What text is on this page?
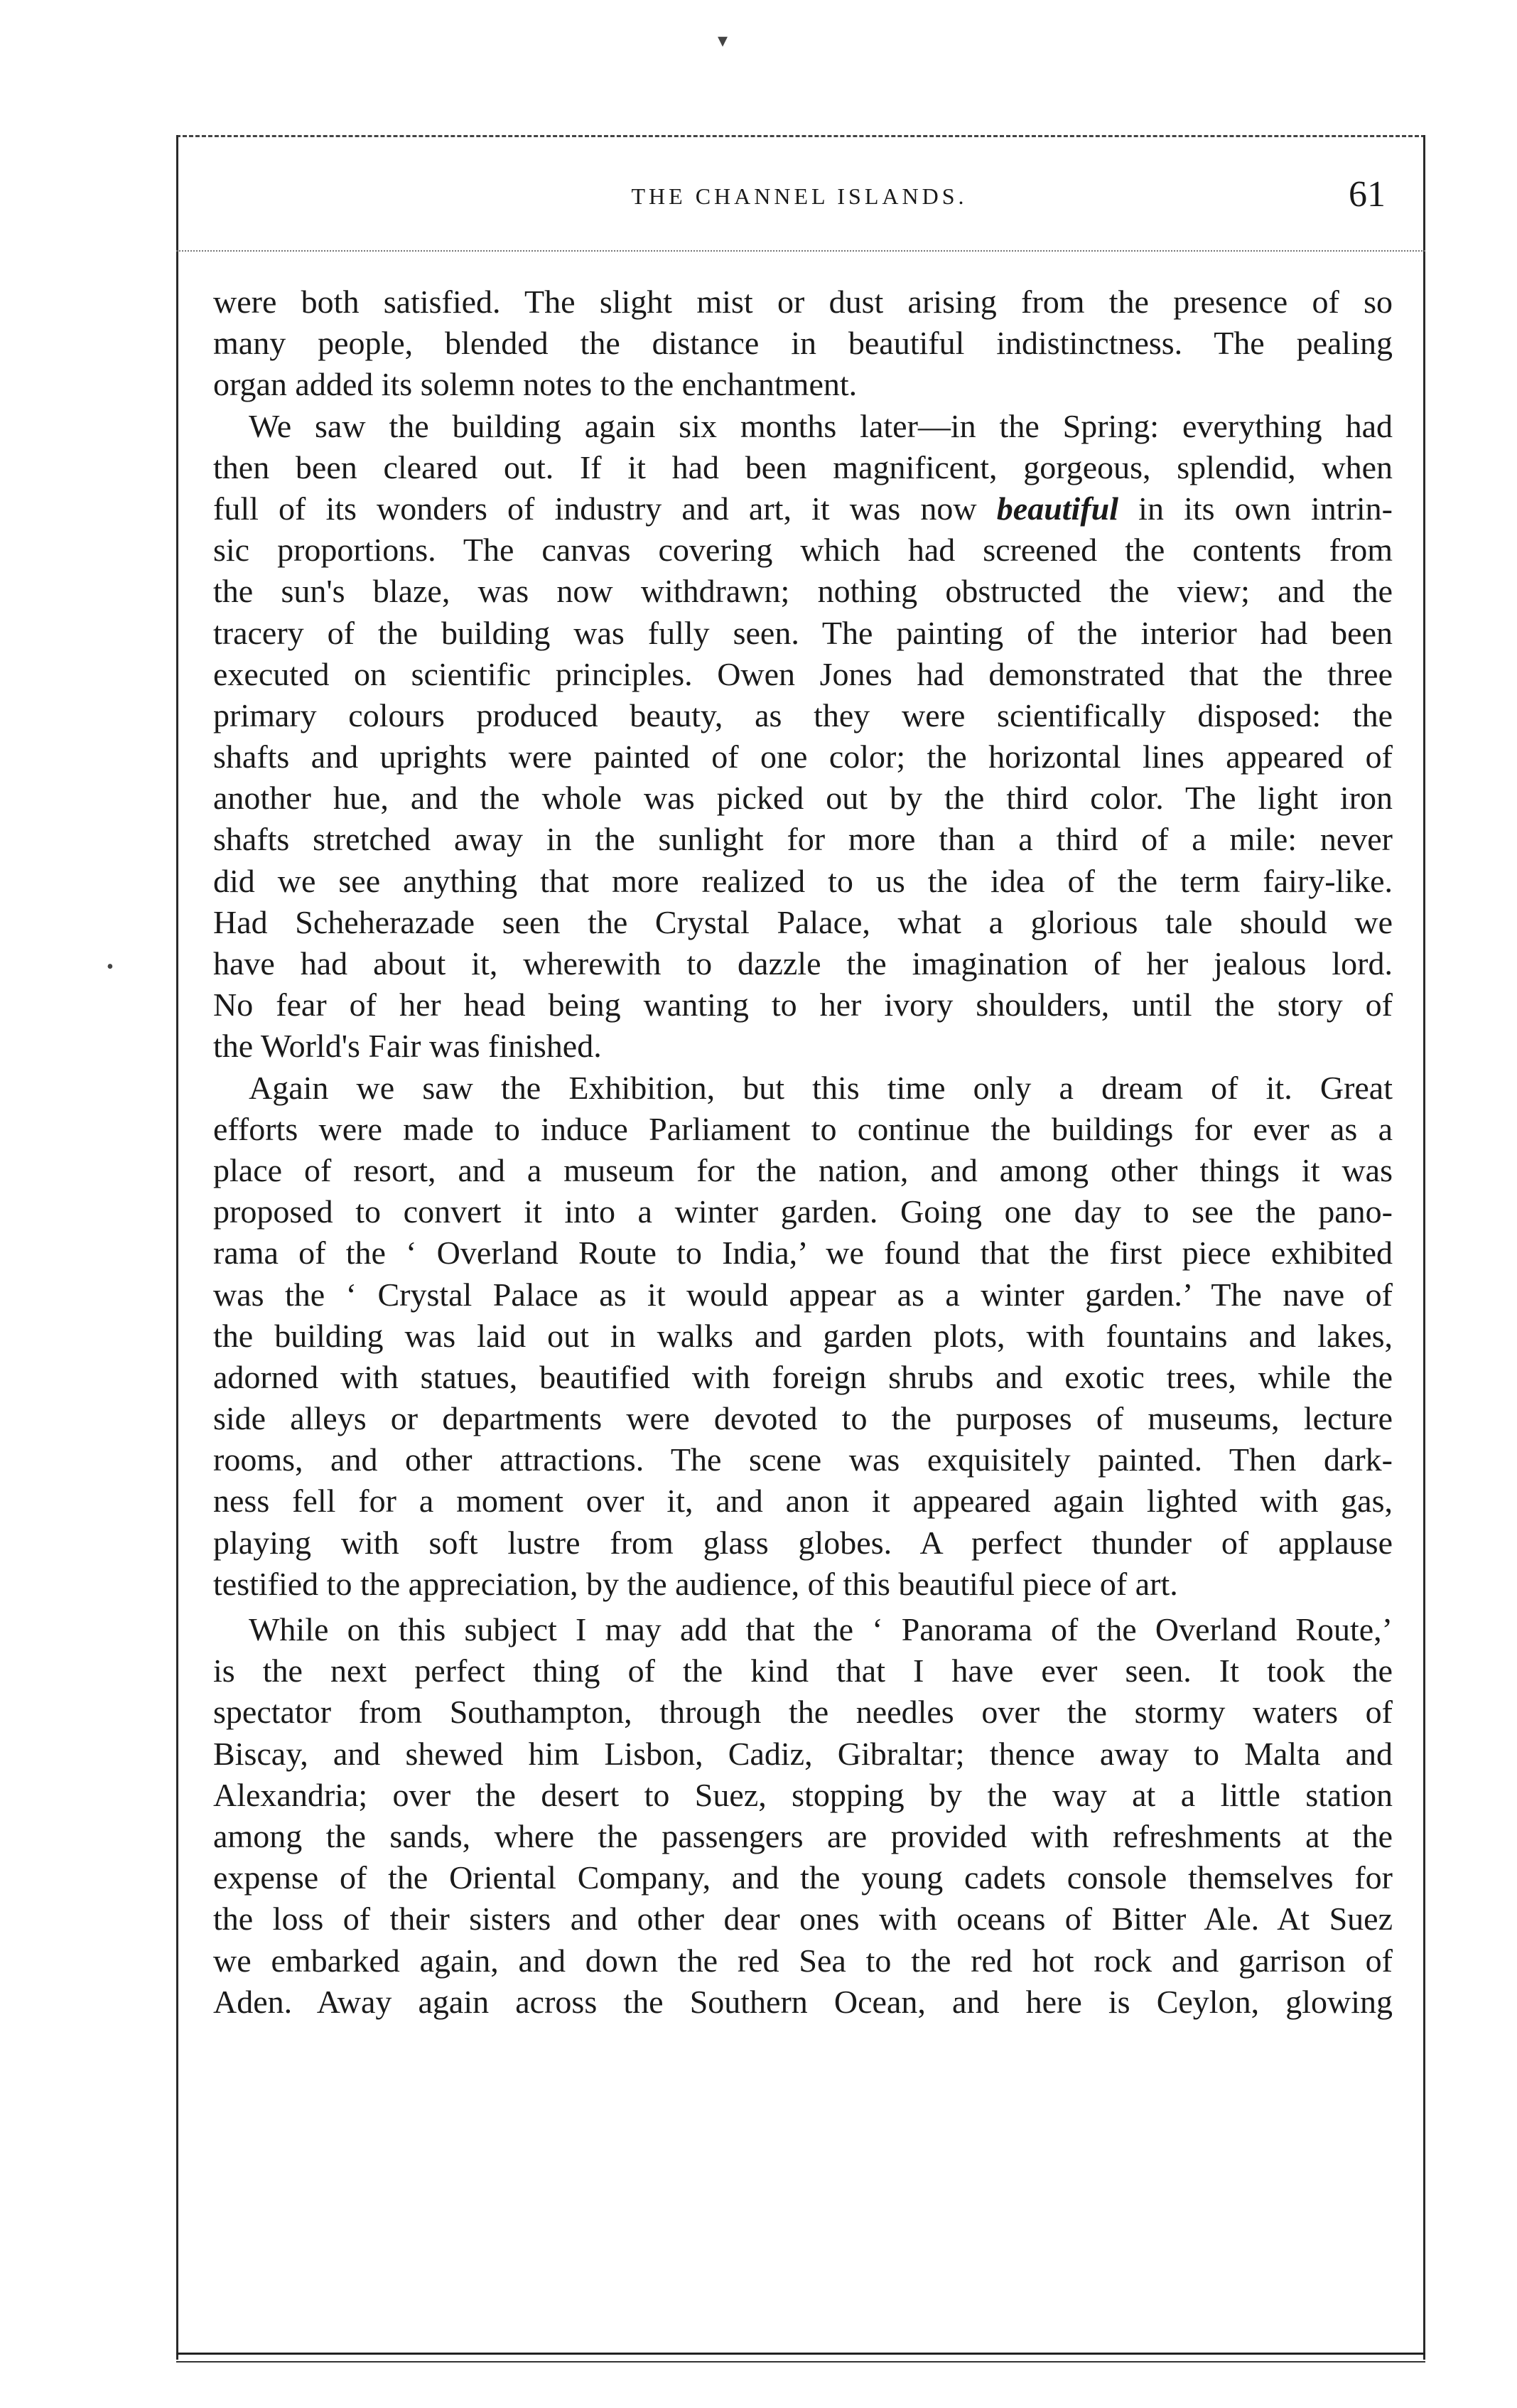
THE CHANNEL ISLANDS.	61
▾
•
were both satisfied. The slight mist or dust arising from the presence of so
many people, blended the distance in beautiful indistinctness. The pealing
organ added its solemn notes to the enchantment.
We saw the building again six months later—in the Spring: everything had
then been cleared out. If it had been magnificent, gorgeous, splendid, when
full of its wonders of industry and art, it was now beautiful in its own intrin-
sic proportions. The canvas covering which had screened the contents from
the sun's blaze, was now withdrawn; nothing obstructed the view; and the
tracery of the building was fully seen. The painting of the interior had been
executed on scientific principles. Owen Jones had demonstrated that the three
primary colours produced beauty, as they were scientifically disposed: the
shafts and uprights were painted of one color; the horizontal lines appeared of
another hue, and the whole was picked out by the third color. The light iron
shafts stretched away in the sunlight for more than a third of a mile: never
did we see anything that more realized to us the idea of the term fairy-like.
Had Scheherazade seen the Crystal Palace, what a glorious tale should we
have had about it, wherewith to dazzle the imagination of her jealous lord.
No fear of her head being wanting to her ivory shoulders, until the story of
the World's Fair was finished.
Again we saw the Exhibition, but this time only a dream of it. Great
efforts were made to induce Parliament to continue the buildings for ever as a
place of resort, and a museum for the nation, and among other things it was
proposed to convert it into a winter garden. Going one day to see the pano-
rama of the ‘ Overland Route to India,’ we found that the first piece exhibited
was the ‘ Crystal Palace as it would appear as a winter garden.’ The nave of
the building was laid out in walks and garden plots, with fountains and lakes,
adorned with statues, beautified with foreign shrubs and exotic trees, while the
side alleys or departments were devoted to the purposes of museums, lecture
rooms, and other attractions. The scene was exquisitely painted. Then dark-
ness fell for a moment over it, and anon it appeared again lighted with gas,
playing with soft lustre from glass globes. A perfect thunder of applause
testified to the appreciation, by the audience, of this beautiful piece of art.
While on this subject I may add that the ‘ Panorama of the Overland Route,’
is the next perfect thing of the kind that I have ever seen. It took the
spectator from Southampton, through the needles over the stormy waters of
Biscay, and shewed him Lisbon, Cadiz, Gibraltar; thence away to Malta and
Alexandria; over the desert to Suez, stopping by the way at a little station
among the sands, where the passengers are provided with refreshments at the
expense of the Oriental Company, and the young cadets console themselves for
the loss of their sisters and other dear ones with oceans of Bitter Ale. At Suez
we embarked again, and down the red Sea to the red hot rock and garrison of
Aden. Away again across the Southern Ocean, and here is Ceylon, glowing
